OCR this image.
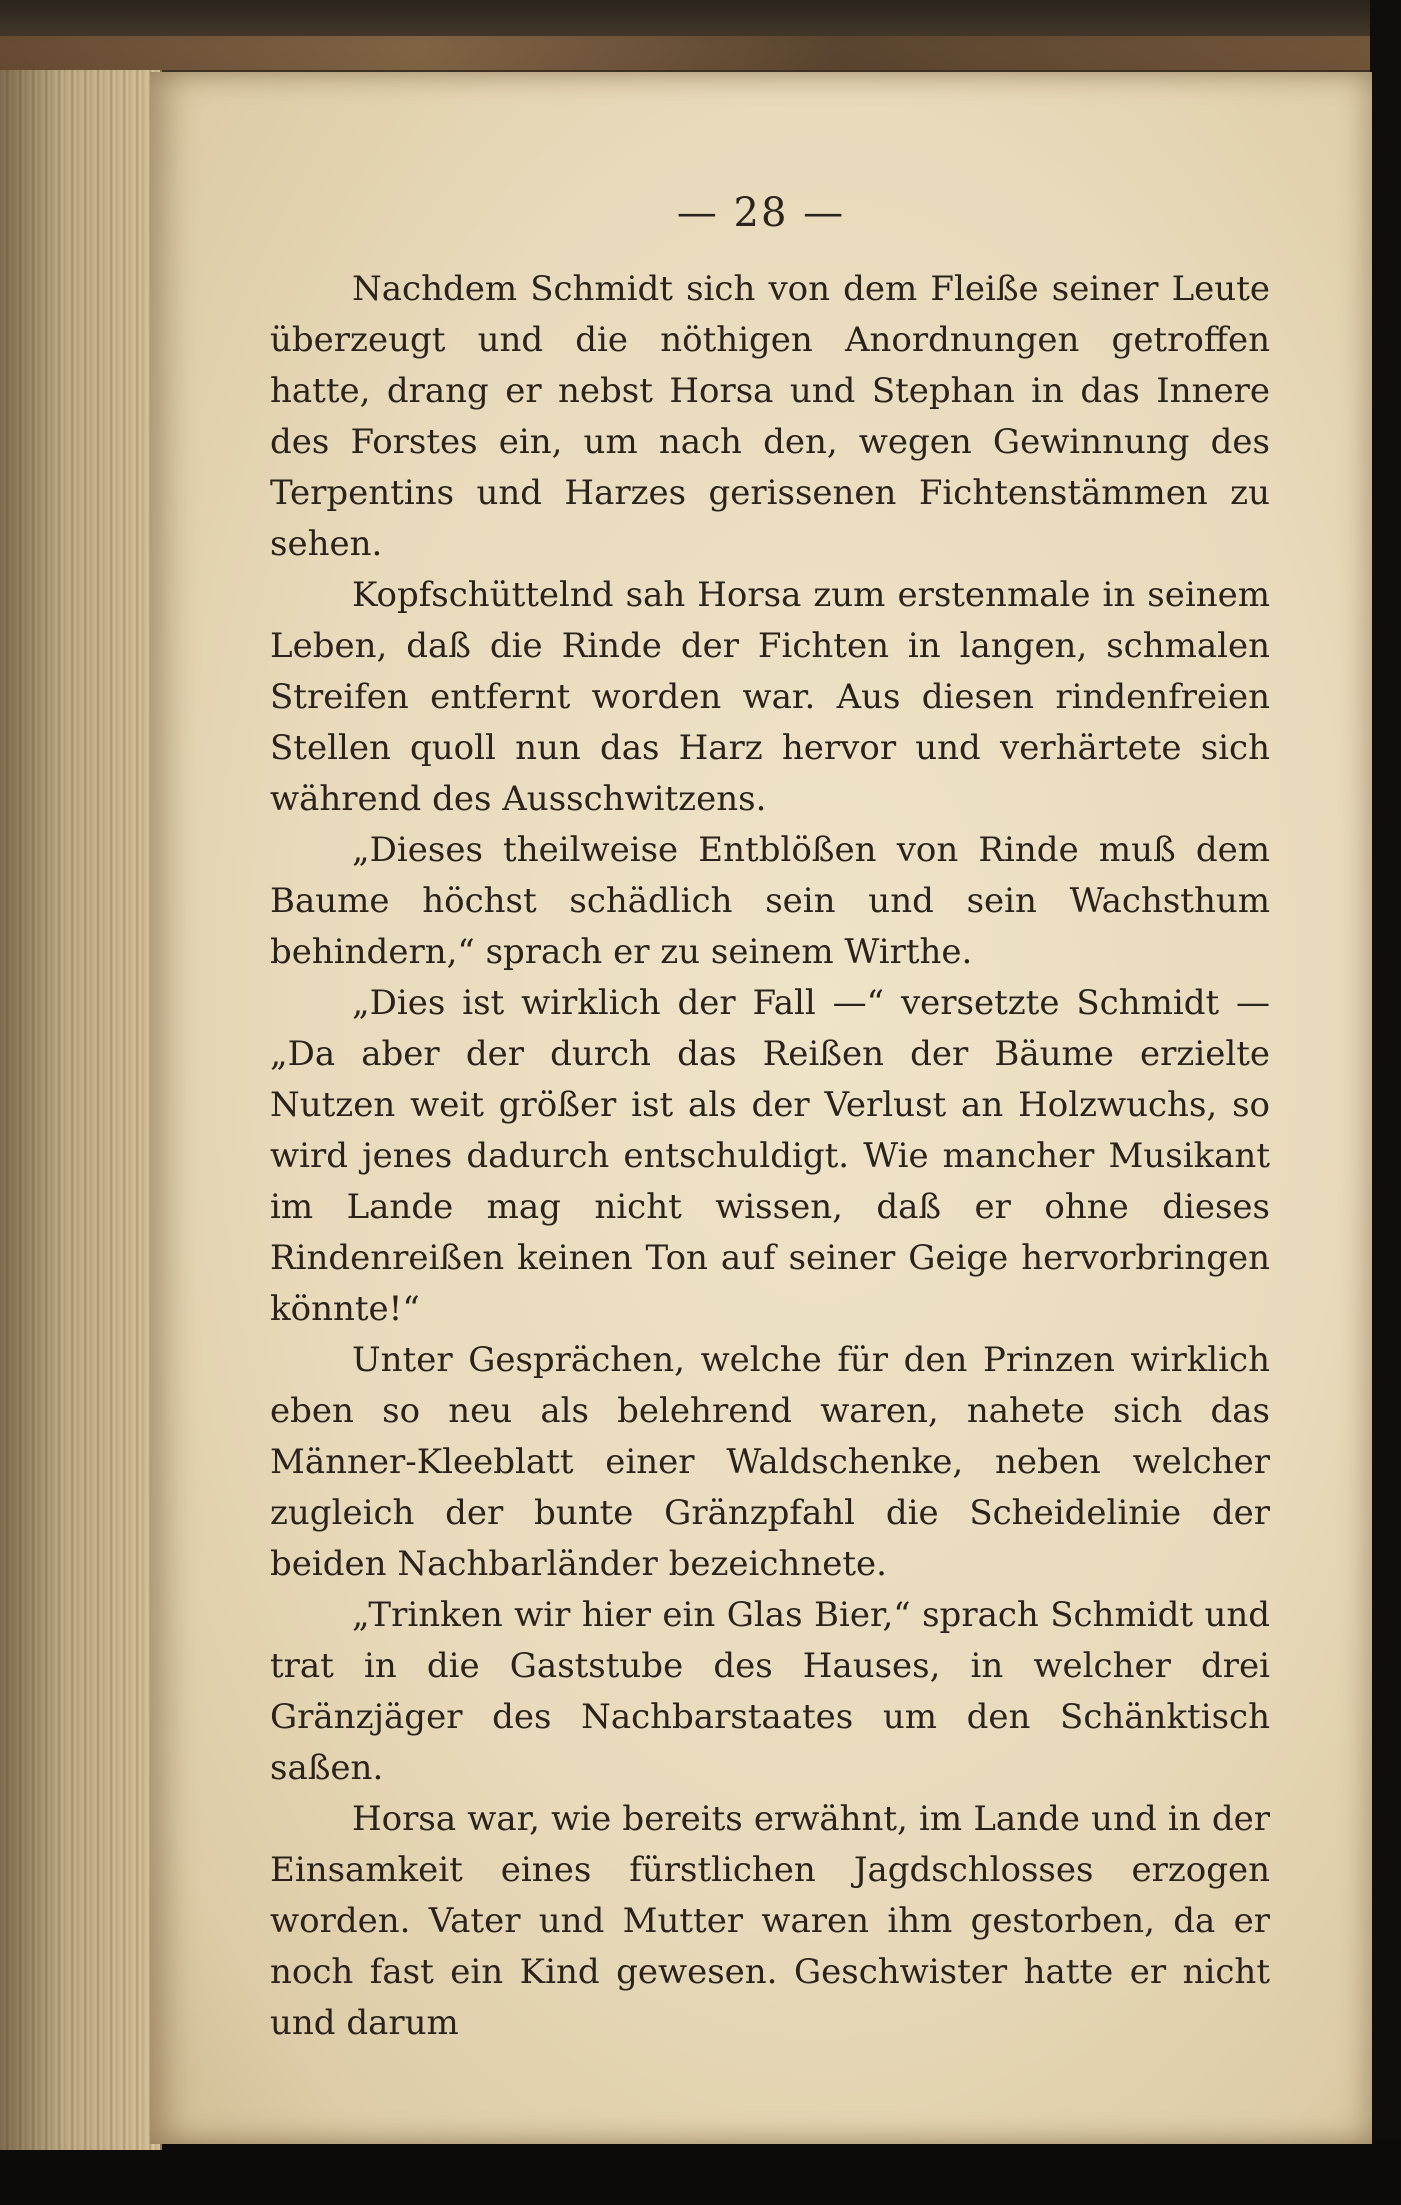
— 28 —

Nachdem Schmidt sich von dem Fleiße seiner Leute überzeugt und die nöthigen Anordnungen getroffen hatte, drang er nebst Horsa und Stephan in das Innere des Forstes ein, um nach den, wegen Gewinnung des Terpentins und Harzes gerissenen Fichtenstämmen zu sehen.

Kopfschüttelnd sah Horsa zum erstenmale in seinem Leben, daß die Rinde der Fichten in langen, schmalen Streifen entfernt worden war. Aus diesen rindenfreien Stellen quoll nun das Harz hervor und verhärtete sich während des Ausschwitzens.

„Dieses theilweise Entblößen von Rinde muß dem Baume höchst schädlich sein und sein Wachsthum behindern,“ sprach er zu seinem Wirthe.

„Dies ist wirklich der Fall —“ versetzte Schmidt — „Da aber der durch das Reißen der Bäume erzielte Nutzen weit größer ist als der Verlust an Holzwuchs, so wird jenes dadurch entschuldigt. Wie mancher Musikant im Lande mag nicht wissen, daß er ohne dieses Rindenreißen keinen Ton auf seiner Geige hervorbringen könnte!“

Unter Gesprächen, welche für den Prinzen wirklich eben so neu als belehrend waren, nahete sich das Männer-Kleeblatt einer Waldschenke, neben welcher zugleich der bunte Gränzpfahl die Scheidelinie der beiden Nachbarländer bezeichnete.

„Trinken wir hier ein Glas Bier,“ sprach Schmidt und trat in die Gaststube des Hauses, in welcher drei Gränzjäger des Nachbarstaates um den Schänktisch saßen.

Horsa war, wie bereits erwähnt, im Lande und in der Einsamkeit eines fürstlichen Jagdschlosses erzogen worden. Vater und Mutter waren ihm gestorben, da er noch fast ein Kind gewesen. Geschwister hatte er nicht und darum
